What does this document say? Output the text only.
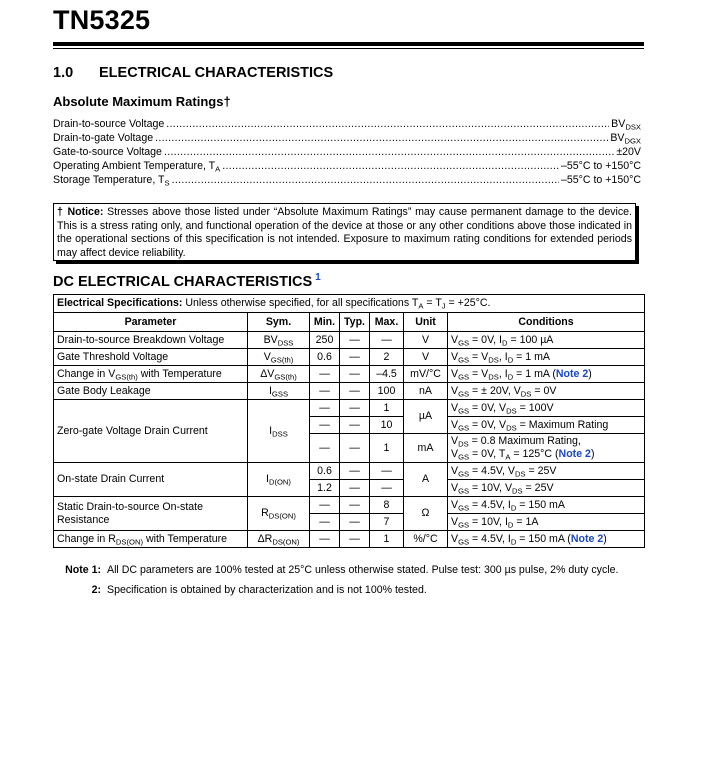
TN5325
1.0 ELECTRICAL CHARACTERISTICS
Absolute Maximum Ratings†
Drain-to-source Voltage .....	$BV_{DSX}$
Drain-to-gate Voltage .....	$BV_{DGX}$
Gate-to-source Voltage .....	±20V
Operating Ambient Temperature, $T_A$ .....	–55°C to +150°C
Storage Temperature, $T_S$ .....	–55°C to +150°C
† Notice: Stresses above those listed under “Absolute Maximum Ratings” may cause permanent damage to the device. This is a stress rating only, and functional operation of the device at those or any other conditions above those indicated in the operational sections of this specification is not intended. Exposure to maximum rating conditions for extended periods may affect device reliability.
DC ELECTRICAL CHARACTERISTICS $^1$
Electrical Specifications: Unless otherwise specified, for all specifications $T_A = T_J = +25^\circ C$.						
Parameter	Sym.	Min.	Typ.	Max.	Unit	Conditions
Drain-to-source Breakdown Voltage	$BV_{DSS}$	250	—	—	V	$V_{GS} = 0V$, $I_D = 100$ µA
Gate Threshold Voltage	$V_{GS(th)}$	0.6	—	2	V	$V_{GS} = V_{DS}$, $I_D = 1$ mA
Change in $V_{GS(th)}$ with Temperature	$\Delta V_{GS(th)}$	—	—	–4.5	mV/°C	$V_{GS} = V_{DS}$, $I_D = 1$ mA (Note 2)
Gate Body Leakage	$I_{GSS}$	—	—	100	nA	$V_{GS}$ = ± 20V, $V_{DS} = 0V$
Zero-gate Voltage Drain Current	$I_{DSS}$	—	—	1	µA	$V_{GS} = 0V$, $V_{DS} = 100V$
		—	—	10		$V_{GS} = 0V$, $V_{DS}$ = Maximum Rating
		—	—	1	mA	$V_{DS} = 0.8$ Maximum Rating,
$V_{GS} = 0V$, $T_A = 125^\circ C$ (Note 2)
On-state Drain Current	$I_{D(ON)}$	0.6	—	—	A	$V_{GS} = 4.5V$, $V_{DS} = 25V$
		1.2	—	—		$V_{GS} = 10V$, $V_{DS} = 25V$
Static Drain-to-source On-state
Resistance	$R_{DS(ON)}$	—	—	8	Ω	$V_{GS} = 4.5V$, $I_D = 150$ mA
		—	—	7		$V_{GS} = 10V$, $I_D = 1A$
Change in $R_{DS(ON)}$ with Temperature	$\Delta R_{DS(ON)}$	—	—	1	%/°C	$V_{GS} = 4.5V$, $I_D = 150$ mA (Note 2)
Note 1: All DC parameters are 100% tested at 25°C unless otherwise stated. Pulse test: 300 µs pulse, 2% duty cycle.
2: Specification is obtained by characterization and is not 100% tested.
